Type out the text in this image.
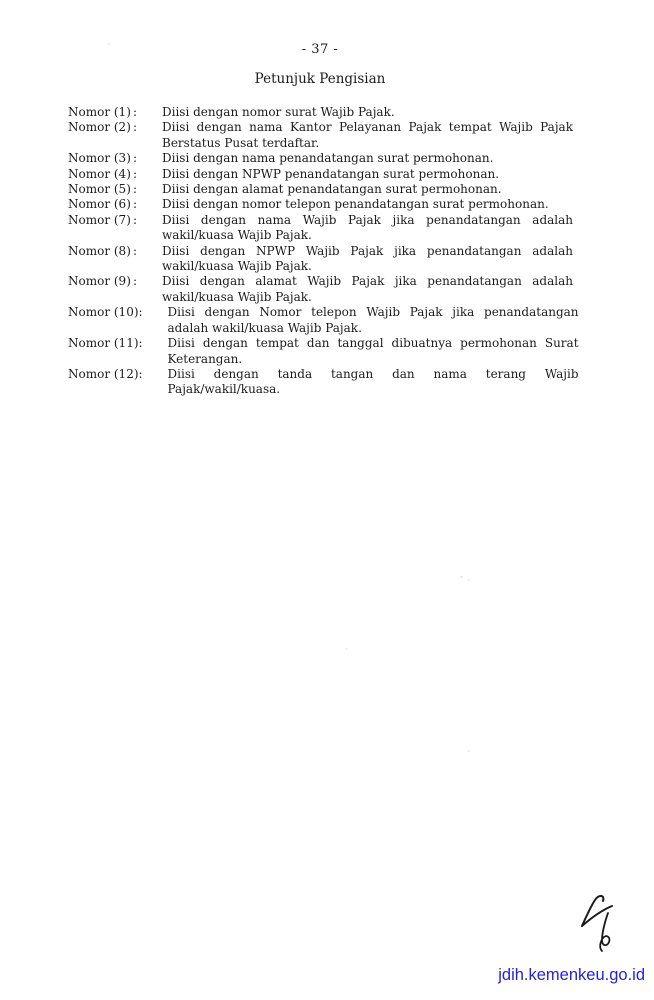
- 37 -
Petunjuk Pengisian
Nomor (1) :	Diisi dengan nomor surat Wajib Pajak.
Nomor (2) :	Diisi dengan nama Kantor Pelayanan Pajak tempat Wajib Pajak
Berstatus Pusat terdaftar.
Nomor (3) :	Diisi dengan nama penandatangan surat permohonan.
Nomor (4) :	Diisi dengan NPWP penandatangan surat permohonan.
Nomor (5) :	Diisi dengan alamat penandatangan surat permohonan.
Nomor (6) :	Diisi dengan nomor telepon penandatangan surat permohonan.
Nomor (7) :	Diisi dengan nama Wajib Pajak jika penandatangan adalah
wakil/kuasa Wajib Pajak.
Nomor (8) :	Diisi dengan NPWP Wajib Pajak jika penandatangan adalah
wakil/kuasa Wajib Pajak.
Nomor (9) :	Diisi dengan alamat Wajib Pajak jika penandatangan adalah
wakil/kuasa Wajib Pajak.
Nomor (10) :	Diisi dengan Nomor telepon Wajib Pajak jika penandatangan
adalah wakil/kuasa Wajib Pajak.
Nomor (11) :	Diisi dengan tempat dan tanggal dibuatnya permohonan Surat
Keterangan.
Nomor (12) :	Diisi dengan tanda tangan dan nama terang Wajib
Pajak/wakil/kuasa.
jdih.kemenkeu.go.id
